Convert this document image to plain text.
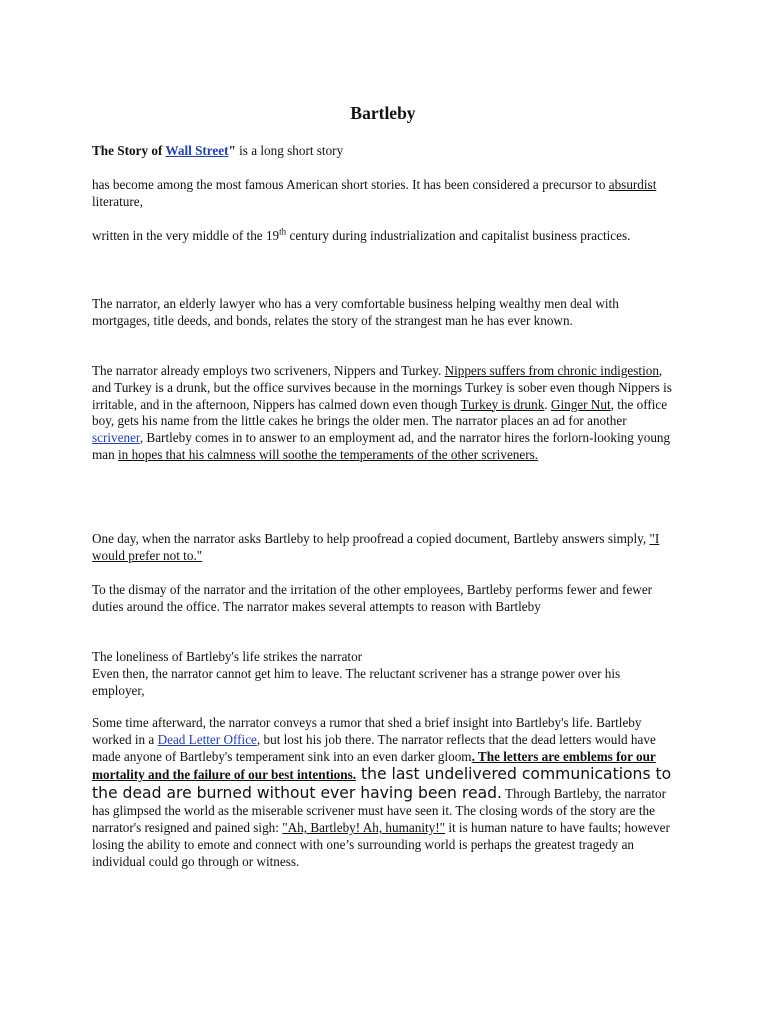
Bartleby

The Story of Wall Street" is a long short story

has become among the most famous American short stories. It has been considered a precursor to absurdist literature,

written in the very middle of the 19th century during industrialization and capitalist business practices.

The narrator, an elderly lawyer who has a very comfortable business helping wealthy men deal with mortgages, title deeds, and bonds, relates the story of the strangest man he has ever known.

The narrator already employs two scriveners, Nippers and Turkey. Nippers suffers from chronic indigestion, and Turkey is a drunk, but the office survives because in the mornings Turkey is sober even though Nippers is irritable, and in the afternoon, Nippers has calmed down even though Turkey is drunk. Ginger Nut, the office boy, gets his name from the little cakes he brings the older men. The narrator places an ad for another scrivener, Bartleby comes in to answer to an employment ad, and the narrator hires the forlorn-looking young man in hopes that his calmness will soothe the temperaments of the other scriveners.

One day, when the narrator asks Bartleby to help proofread a copied document, Bartleby answers simply, "I would prefer not to."

To the dismay of the narrator and the irritation of the other employees, Bartleby performs fewer and fewer duties around the office. The narrator makes several attempts to reason with Bartleby

The loneliness of Bartleby's life strikes the narrator
Even then, the narrator cannot get him to leave. The reluctant scrivener has a strange power over his employer,

Some time afterward, the narrator conveys a rumor that shed a brief insight into Bartleby's life. Bartleby worked in a Dead Letter Office, but lost his job there. The narrator reflects that the dead letters would have made anyone of Bartleby's temperament sink into an even darker gloom. The letters are emblems for our mortality and the failure of our best intentions. the last undelivered communications to the dead are burned without ever having been read. Through Bartleby, the narrator has glimpsed the world as the miserable scrivener must have seen it. The closing words of the story are the narrator's resigned and pained sigh: "Ah, Bartleby! Ah, humanity!" it is human nature to have faults; however losing the ability to emote and connect with one’s surrounding world is perhaps the greatest tragedy an individual could go through or witness.
